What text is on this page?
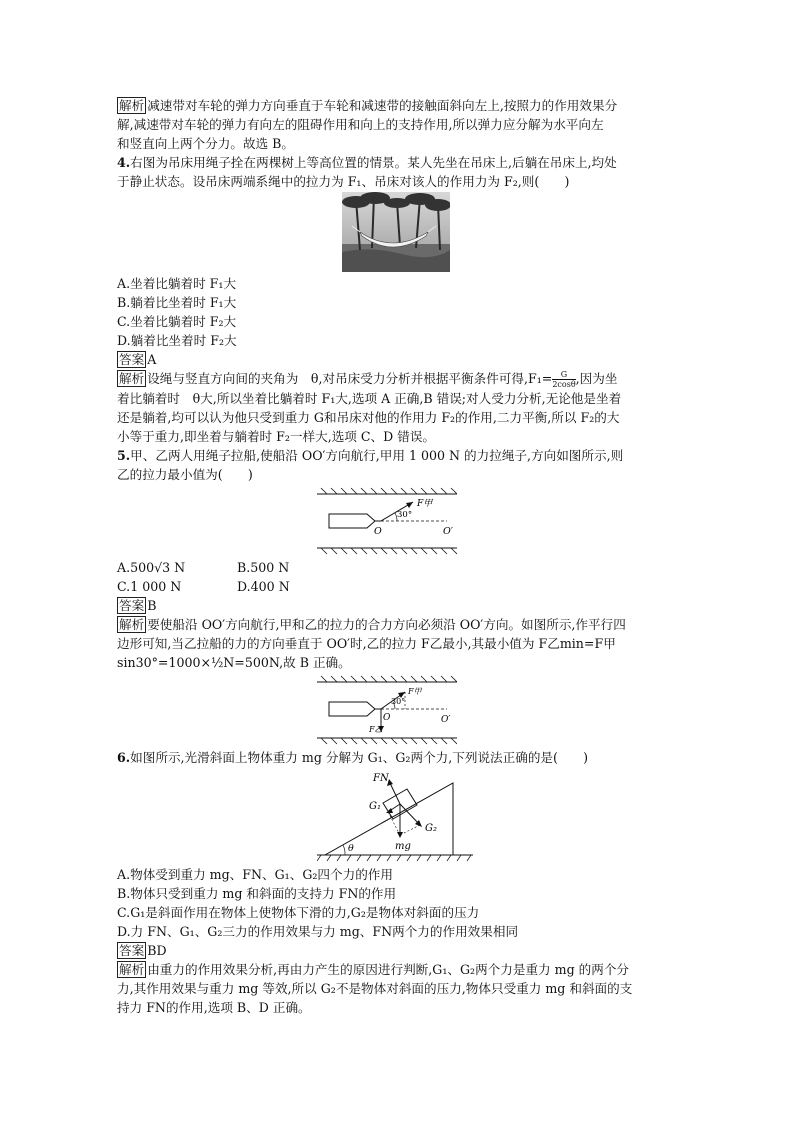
解析 减速带对车轮的弹力方向垂直于车轮和减速带的接触面斜向左上,按照力的作用效果分
解,减速带对车轮的弹力有向左的阻碍作用和向上的支持作用,所以弹力应分解为水平向左
和竖直向上两个分力。故选 B。
4.右图为吊床用绳子拴在两棵树上等高位置的情景。某人先坐在吊床上,后躺在吊床上,均处
于静止状态。设吊床两端系绳中的拉力为 F₁、吊床对该人的作用力为 F₂,则(　　)
A.坐着比躺着时 F₁大
B.躺着比坐着时 F₁大
C.坐着比躺着时 F₂大
D.躺着比坐着时 F₂大
答案 A
解析 设绳与竖直方向间的夹角为　θ,对吊床受力分析并根据平衡条件可得$,F_1= \frac{G}{2\cos\theta}$ ,因为坐
着比躺着时　θ大,所以坐着比躺着时 F₁大,选项 A 正确,B 错误;对人受力分析,无论他是坐着
还是躺着,均可以认为他只受到重力 G和吊床对他的作用力 F₂的作用,二力平衡,所以 F₂的大
小等于重力,即坐着与躺着时 F₂一样大,选项 C、D 错误。
5.甲、乙两人用绳子拉船,使船沿 OO′方向航行,甲用 1 000 N 的力拉绳子,方向如图所示,则
乙的拉力最小值为(　　)
F甲
30°
O	O′
A.500√3 N	B.500 N
C.1 000 N	D.400 N
答案 B
解析 要使船沿 OO′方向航行,甲和乙的拉力的合力方向必须沿 OO′方向。如图所示,作平行四
边形可知,当乙拉船的力的方向垂直于 OO′时,乙的拉力 F乙最小,其最小值为 F乙min=F甲
sin30°=1000×½N=500N,故 B 正确。
F甲
F乙
30°
O	O′
6.如图所示,光滑斜面上物体重力 mg 分解为 G₁、G₂两个力,下列说法正确的是(　　)
FN
G₁
G₂
mg
θ
A.物体受到重力 mg、FN、G₁、G₂四个力的作用
B.物体只受到重力 mg 和斜面的支持力 FN的作用
C.G₁是斜面作用在物体上使物体下滑的力,G₂是物体对斜面的压力
D.力 FN、G₁、G₂三力的作用效果与力 mg、FN两个力的作用效果相同
答案 BD
解析 由重力的作用效果分析,再由力产生的原因进行判断,G₁、G₂两个力是重力 mg 的两个分
力,其作用效果与重力 mg 等效,所以 G₂不是物体对斜面的压力,物体只受重力 mg 和斜面的支
持力 FN的作用,选项 B、D 正确。
